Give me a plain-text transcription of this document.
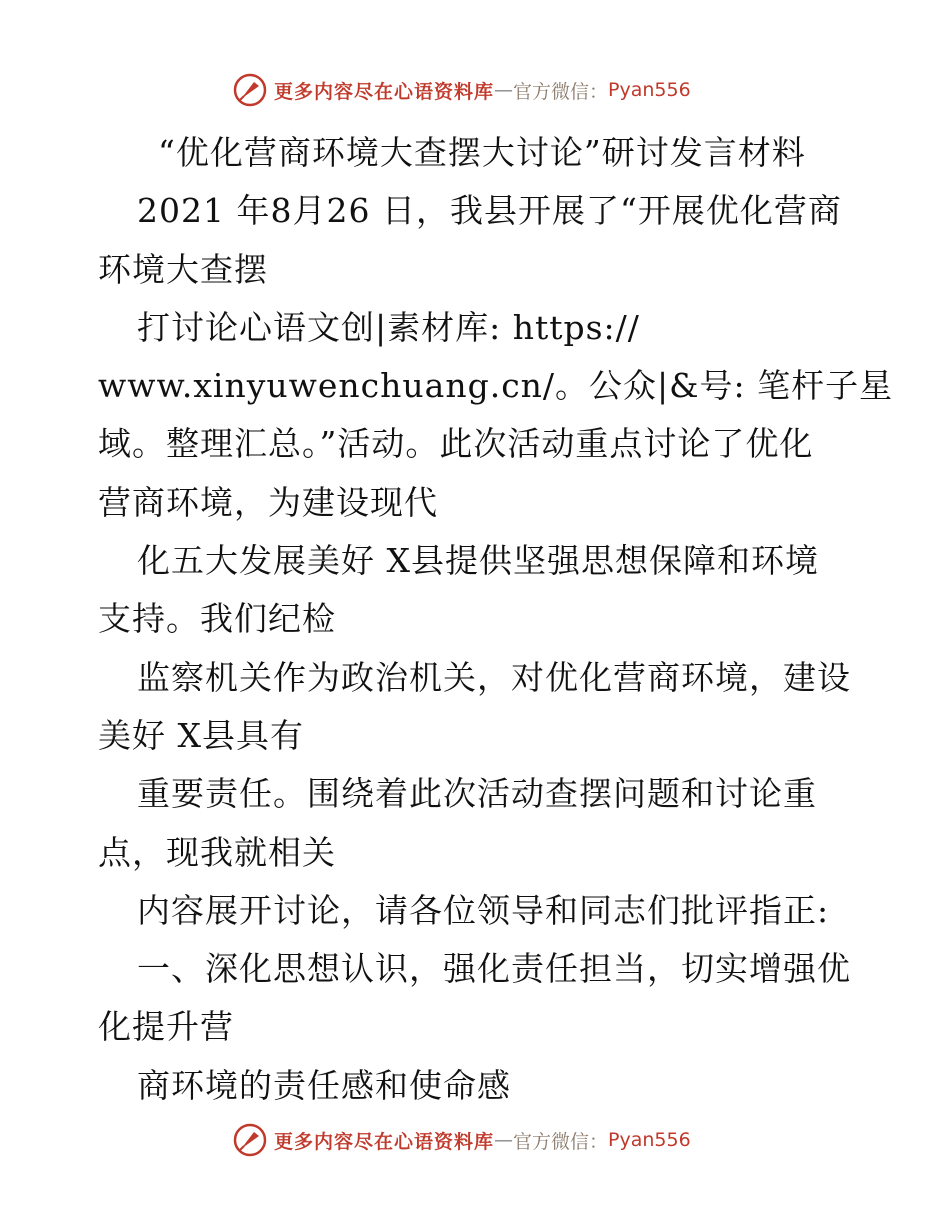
更多内容尽在心语资料库 — 官方微信： Pyan556
“优化营商环境大查摆大讨论”研讨发言材料
2021 年8月26 日，我县开展了“开展优化营商
环境大查摆
打讨论心语文创|素材库: https://
www.xinyuwenchuang.cn/。公众|&号: 笔杆子星
域。整理汇总。”活动。此次活动重点讨论了优化
营商环境，为建设现代
化五大发展美好 X县提供坚强思想保障和环境
支持。我们纪检
监察机关作为政治机关，对优化营商环境，建设
美好 X县具有
重要责任。围绕着此次活动查摆问题和讨论重
点，现我就相关
内容展开讨论，请各位领导和同志们批评指正:
一、深化思想认识，强化责任担当，切实增强优
化提升营
商环境的责任感和使命感
更多内容尽在心语资料库 — 官方微信： Pyan556
